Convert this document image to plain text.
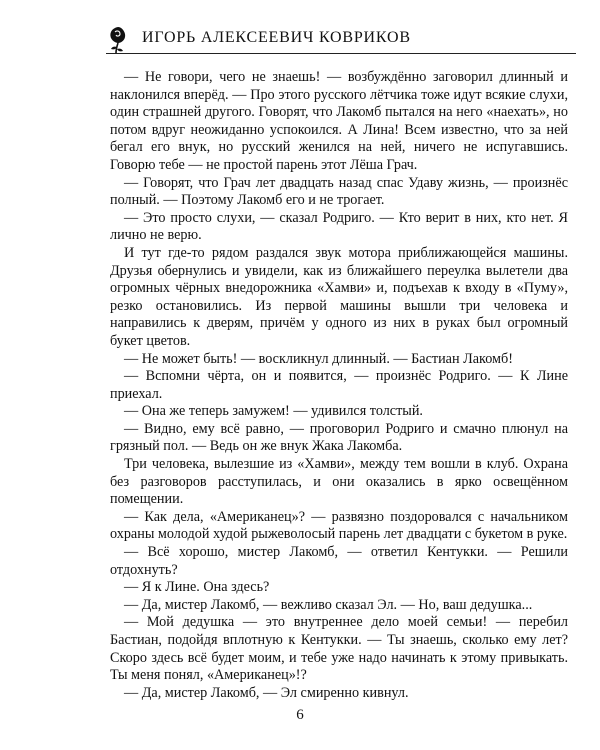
ИГОРЬ АЛЕКСЕЕВИЧ КОВРИКОВ

— Не говори, чего не знаешь! — возбуждённо заговорил длинный и наклонился вперёд. — Про этого русского лётчика тоже идут всякие слухи, один страшней другого. Говорят, что Лакомб пытался на него «наехать», но потом вдруг неожиданно успокоился. А Лина! Всем известно, что за ней бегал его внук, но русский женился на ней, ничего не испугавшись. Говорю тебе — не простой парень этот Лёша Грач.

— Говорят, что Грач лет двадцать назад спас Удаву жизнь, — произнёс полный. — Поэтому Лакомб его и не трогает.

— Это просто слухи, — сказал Родриго. — Кто верит в них, кто нет. Я лично не верю.

И тут где-то рядом раздался звук мотора приближающейся машины. Друзья обернулись и увидели, как из ближайшего переулка вылетели два огромных чёрных внедорожника «Хамви» и, подъехав к входу в «Пуму», резко остановились. Из первой машины вышли три человека и направились к дверям, причём у одного из них в руках был огромный букет цветов.

— Не может быть! — воскликнул длинный. — Бастиан Лакомб!

— Вспомни чёрта, он и появится, — произнёс Родриго. — К Лине приехал.

— Она же теперь замужем! — удивился толстый.

— Видно, ему всё равно, — проговорил Родриго и смачно плюнул на грязный пол. — Ведь он же внук Жака Лакомба.

Три человека, вылезшие из «Хамви», между тем вошли в клуб. Охрана без разговоров расступилась, и они оказались в ярко освещённом помещении.

— Как дела, «Американец»? — развязно поздоровался с начальником охраны молодой худой рыжеволосый парень лет двадцати с букетом в руке.

— Всё хорошо, мистер Лакомб, — ответил Кентукки. — Решили отдохнуть?

— Я к Лине. Она здесь?

— Да, мистер Лакомб, — вежливо сказал Эл. — Но, ваш дедушка...

— Мой дедушка — это внутреннее дело моей семьи! — перебил Бастиан, подойдя вплотную к Кентукки. — Ты знаешь, сколько ему лет? Скоро здесь всё будет моим, и тебе уже надо начинать к этому привыкать. Ты меня понял, «Американец»!?

— Да, мистер Лакомб, — Эл смиренно кивнул.

6
